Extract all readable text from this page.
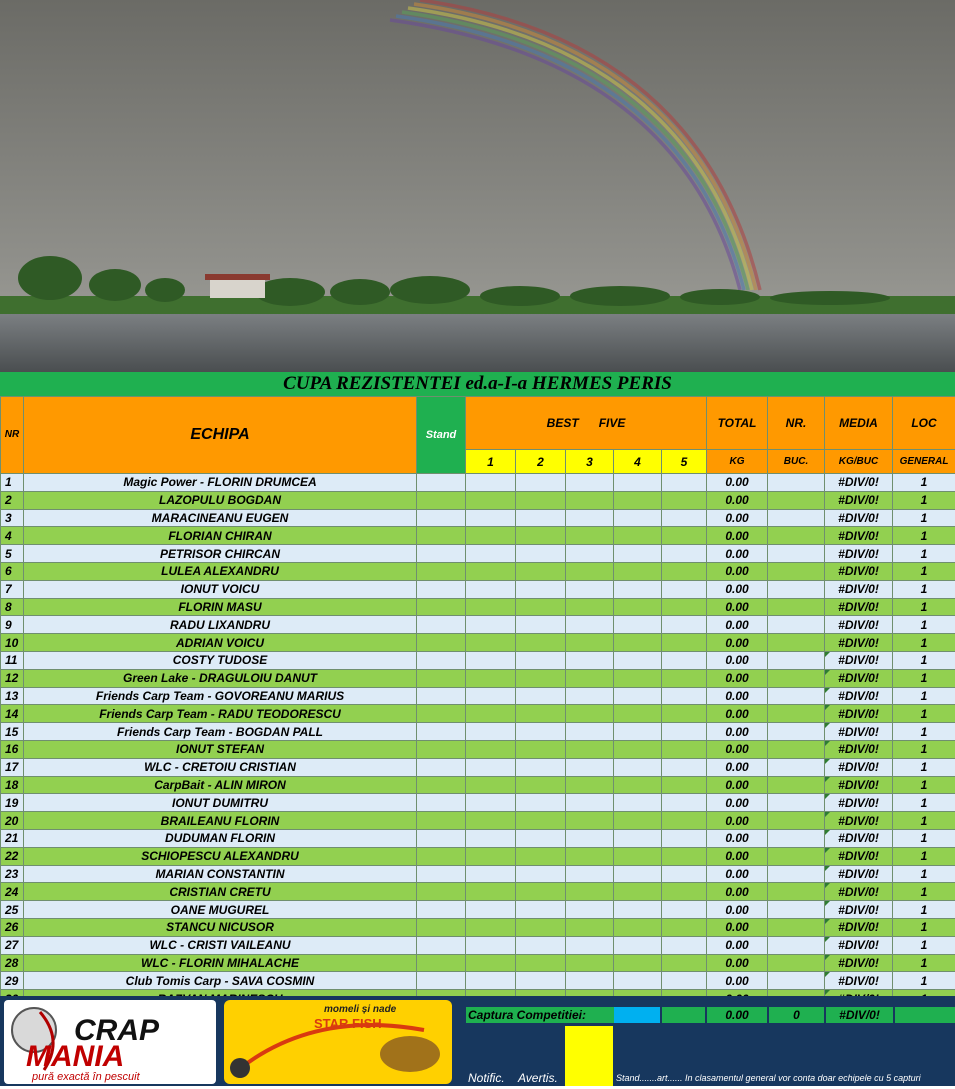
CUPA REZISTENTEI ed.a-I-a HERMES PERIS
NR	ECHIPA	Stand	BEST FIVE					TOTAL	NR.	MEDIA	LOC
			1	2	3	4	5	KG	BUC.	KG/BUC	GENERAL
1	Magic Power - FLORIN DRUMCEA							0.00		#DIV/0!	1
2	LAZOPULU BOGDAN							0.00		#DIV/0!	1
3	MARACINEANU EUGEN							0.00		#DIV/0!	1
4	FLORIAN CHIRAN							0.00		#DIV/0!	1
5	PETRISOR CHIRCAN							0.00		#DIV/0!	1
6	LULEA ALEXANDRU							0.00		#DIV/0!	1
7	IONUT VOICU							0.00		#DIV/0!	1
8	FLORIN MASU							0.00		#DIV/0!	1
9	RADU LIXANDRU							0.00		#DIV/0!	1
10	ADRIAN VOICU							0.00		#DIV/0!	1
11	COSTY TUDOSE							0.00		#DIV/0!	1
12	Green Lake - DRAGULOIU DANUT							0.00		#DIV/0!	1
13	Friends Carp Team - GOVOREANU MARIUS							0.00		#DIV/0!	1
14	Friends Carp Team - RADU TEODORESCU							0.00		#DIV/0!	1
15	Friends Carp Team - BOGDAN PALL							0.00		#DIV/0!	1
16	IONUT STEFAN							0.00		#DIV/0!	1
17	WLC - CRETOIU CRISTIAN							0.00		#DIV/0!	1
18	CarpBait - ALIN MIRON							0.00		#DIV/0!	1
19	IONUT DUMITRU							0.00		#DIV/0!	1
20	BRAILEANU FLORIN							0.00		#DIV/0!	1
21	DUDUMAN FLORIN							0.00		#DIV/0!	1
22	SCHIOPESCU ALEXANDRU							0.00		#DIV/0!	1
23	MARIAN CONSTANTIN							0.00		#DIV/0!	1
24	CRISTIAN CRETU							0.00		#DIV/0!	1
25	OANE MUGUREL							0.00		#DIV/0!	1
26	STANCU NICUSOR							0.00		#DIV/0!	1
27	WLC - CRISTI VAILEANU							0.00		#DIV/0!	1
28	WLC - FLORIN MIHALACHE							0.00		#DIV/0!	1
29	Club Tomis Carp - SAVA COSMIN							0.00		#DIV/0!	1

CRAP
MANIA
pură exactă în pescuit
momeli și nade
STAR FISH
Captura Competitiei:	0.00	0	#DIV/0!
Notific. Avertis.	Stand.......art...... In clasamentul general vor conta doar echipele cu 5 capturi
